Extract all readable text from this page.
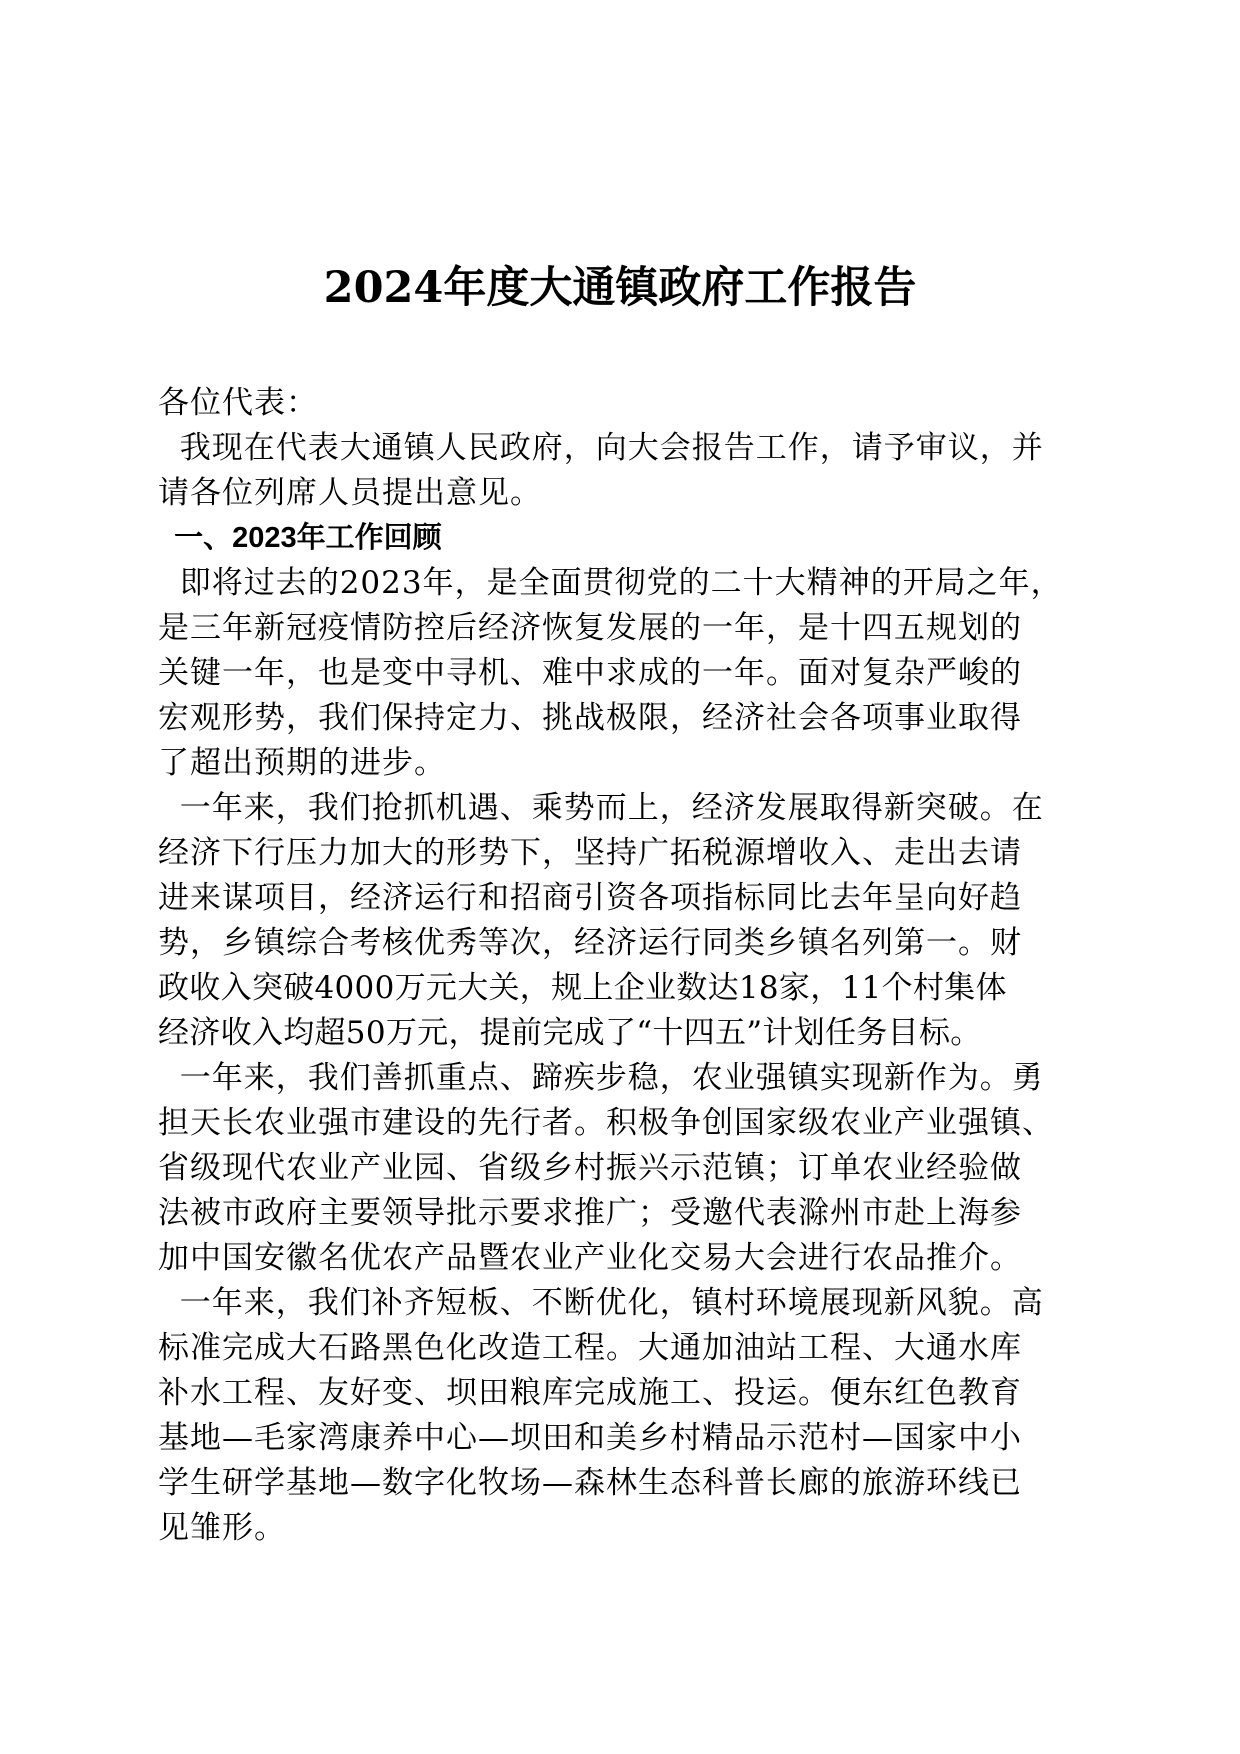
2024年度大通镇政府工作报告
各位代表：
我现在代表大通镇人民政府，向大会报告工作，请予审议，并
请各位列席人员提出意见。
一、2023年工作回顾
即将过去的2023年，是全面贯彻党的二十大精神的开局之年，
是三年新冠疫情防控后经济恢复发展的一年，是十四五规划的
关键一年，也是变中寻机、难中求成的一年。面对复杂严峻的
宏观形势，我们保持定力、挑战极限，经济社会各项事业取得
了超出预期的进步。
一年来，我们抢抓机遇、乘势而上，经济发展取得新突破。在
经济下行压力加大的形势下，坚持广拓税源增收入、走出去请
进来谋项目，经济运行和招商引资各项指标同比去年呈向好趋
势，乡镇综合考核优秀等次，经济运行同类乡镇名列第一。财
政收入突破4000万元大关，规上企业数达18家，11个村集体
经济收入均超50万元，提前完成了“十四五”计划任务目标。
一年来，我们善抓重点、蹄疾步稳，农业强镇实现新作为。勇
担天长农业强市建设的先行者。积极争创国家级农业产业强镇、
省级现代农业产业园、省级乡村振兴示范镇；订单农业经验做
法被市政府主要领导批示要求推广；受邀代表滁州市赴上海参
加中国安徽名优农产品暨农业产业化交易大会进行农品推介。
一年来，我们补齐短板、不断优化，镇村环境展现新风貌。高
标准完成大石路黑色化改造工程。大通加油站工程、大通水库
补水工程、友好变、坝田粮库完成施工、投运。便东红色教育
基地—毛家湾康养中心—坝田和美乡村精品示范村—国家中小
学生研学基地—数字化牧场—森林生态科普长廊的旅游环线已
见雏形。
